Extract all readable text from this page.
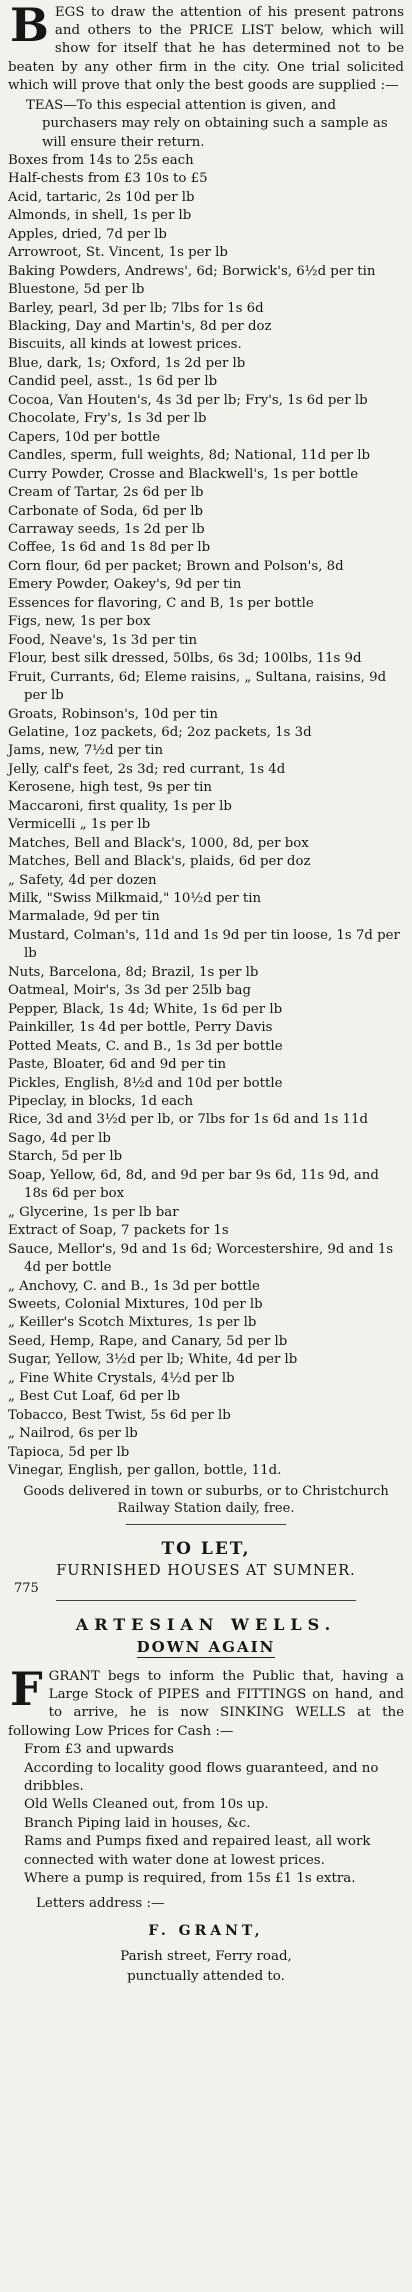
BEGS to draw the attention of his present patrons and others to the PRICE LIST below, which will show for itself that he has determined not to be beaten by any other firm in the city. One trial solicited which will prove that only the best goods are supplied :—
TEAS—To this especial attention is given, and purchasers may rely on obtaining such a sample as will ensure their return.
Boxes from 14s to 25s each
Half-chests from £3 10s to £5
Acid, tartaric, 2s 10d per lb
Almonds, in shell, 1s per lb
Apples, dried, 7d per lb
Arrowroot, St. Vincent, 1s per lb
Baking Powders, Andrews', 6d; Borwick's, 6½d per tin
Bluestone, 5d per lb
Barley, pearl, 3d per lb; 7lbs for 1s 6d
Blacking, Day and Martin's, 8d per doz
Biscuits, all kinds at lowest prices.
Blue, dark, 1s; Oxford, 1s 2d per lb
Candid peel, asst., 1s 6d per lb
Cocoa, Van Houten's, 4s 3d per lb; Fry's, 1s 6d per lb
Chocolate, Fry's, 1s 3d per lb
Capers, 10d per bottle
Candles, sperm, full weights, 8d; National, 11d per lb
Curry Powder, Crosse and Blackwell's, 1s per bottle
Cream of Tartar, 2s 6d per lb
Carbonate of Soda, 6d per lb
Carraway seeds, 1s 2d per lb
Coffee, 1s 6d and 1s 8d per lb
Corn flour, 6d per packet; Brown and Polson's, 8d
Emery Powder, Oakey's, 9d per tin
Essences for flavoring, C and B, 1s per bottle
Figs, new, 1s per box
Food, Neave's, 1s 3d per tin
Flour, best silk dressed, 50lbs, 6s 3d; 100lbs, 11s 9d
Fruit, Currants, 6d; Eleme raisins, „ Sultana, raisins, 9d per lb
Groats, Robinson's, 10d per tin
Gelatine, 1oz packets, 6d; 2oz packets, 1s 3d
Jams, new, 7½d per tin
Jelly, calf's feet, 2s 3d; red currant, 1s 4d
Kerosene, high test, 9s per tin
Maccaroni, first quality, 1s per lb
Vermicelli „ 1s per lb
Matches, Bell and Black's, 1000, 8d, per box
Matches, Bell and Black's, plaids, 6d per doz
„ Safety, 4d per dozen
Milk, "Swiss Milkmaid," 10½d per tin
Marmalade, 9d per tin
Mustard, Colman's, 11d and 1s 9d per tin loose, 1s 7d per lb
Nuts, Barcelona, 8d; Brazil, 1s per lb
Oatmeal, Moir's, 3s 3d per 25lb bag
Pepper, Black, 1s 4d; White, 1s 6d per lb
Painkiller, 1s 4d per bottle, Perry Davis
Potted Meats, C. and B., 1s 3d per bottle
Paste, Bloater, 6d and 9d per tin
Pickles, English, 8½d and 10d per bottle
Pipeclay, in blocks, 1d each
Rice, 3d and 3½d per lb, or 7lbs for 1s 6d and 1s 11d
Sago, 4d per lb
Starch, 5d per lb
Soap, Yellow, 6d, 8d, and 9d per bar 9s 6d, 11s 9d, and 18s 6d per box
„ Glycerine, 1s per lb bar
Extract of Soap, 7 packets for 1s
Sauce, Mellor's, 9d and 1s 6d; Worcestershire, 9d and 1s 4d per bottle
„ Anchovy, C. and B., 1s 3d per bottle
Sweets, Colonial Mixtures, 10d per lb
„ Keiller's Scotch Mixtures, 1s per lb
Seed, Hemp, Rape, and Canary, 5d per lb
Sugar, Yellow, 3½d per lb; White, 4d per lb
„ Fine White Crystals, 4½d per lb
„ Best Cut Loaf, 6d per lb
Tobacco, Best Twist, 5s 6d per lb
„ Nailrod, 6s per lb
Tapioca, 5d per lb
Vinegar, English, per gallon, bottle, 11d.
Goods delivered in town or suburbs, or to Christchurch Railway Station daily, free.
TO LET,
FURNISHED HOUSES AT SUMNER.
775
ARTESIAN WELLS.
DOWN AGAIN
FGRANT begs to inform the Public that, having a Large Stock of PIPES and FITTINGS on hand, and to arrive, he is now SINKING WELLS at the following Low Prices for Cash :—
From £3 and upwards
According to locality good flows guaranteed, and no dribbles.
Old Wells Cleaned out, from 10s up.
Branch Piping laid in houses, &c.
Rams and Pumps fixed and repaired least, all work connected with water done at lowest prices.
Where a pump is required, from 15s £1 1s extra.
Letters address :—
F. GRANT,
Parish street, Ferry road,
punctually attended to.
